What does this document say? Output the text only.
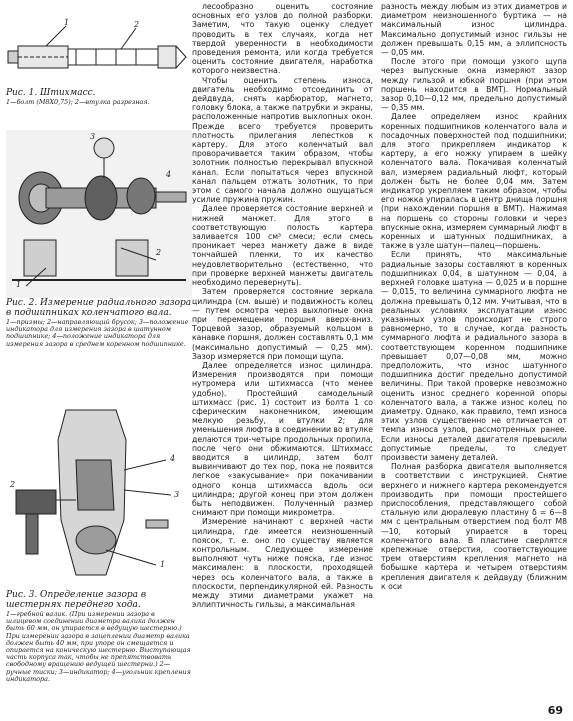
1	2

Рис. 1. Штихмасс.

1—болт (М8Х0,75); 2—втулка разрезная.

1
2
3
4

Рис. 2. Измерение радиального зазора в подшипниках коленчатого вала.

1—призмы; 2—направляющий брусок; 3—положение индикатора для измерения зазора в шатунном подшипнике; 4—положение индикатора для измерения зазора в среднем коренном подшипнике.

4
3
2
1

Рис. 3. Определение зазора в шестернях переднего хода.

1—гребной валик. (При измерении зазора в шлицевом соединении диаметра валика должен быть 60 мм, он упирается в ведущую шестерню.) При измерении зазора в зацеплении диаметр валика должен быть 40 мм, при упоре он смещается и опирается на коническую шестерню. Выступающая часть корпуса так, чтобы не препятствовать свободному вращению ведущей шестерни.) 2—ручные тиски; 3—индикатор; 4—угольник крепления индикатора.

лесообразно оценить состояние основных его узлов до полной разборки. Заметим, что такую оценку следует проводить в тех случаях, когда нет твердой уверенности в необходимости проведения ремонта, или когда требуется оценить состояние двигателя, наработка которого неизвестна.

Чтобы оценить степень износа, двигатель необходимо отсоединить от дейдвуда, снять карбюратор, магнето, головку блока, а также патрубки и экраны, расположенные напротив выхлопных окон. Прежде всего требуется проверить плотность прилегания лепестков к картеру. Для этого коленчатый вал проворачивается таким образом, чтобы золотник полностью перекрывал впускной канал. Если попытаться через впускной канал пальцем отжать золотник, то при этом с самого начала должно ощущаться усилие пружина пружин.

Далее проверяется состояние верхней и нижней манжет. Для этого в соответствующую полость картера заливается 100 см³ смеси; если смесь проникает через манжету даже в виде тончайшей пленки, то их качество неудовлетворительно (естественно, что при проверке верхней манжеты двигатель необходимо перевернуть).

Затем проверяется состояние зеркала цилиндра (см. выше) и подвижность колец — путем осмотра через выхлопные окна при перемещении поршня вверх-вниз. Торцевой зазор, образуемый кольцом в канавке поршня, должен составлять 0,1 мм (максимально допустимый — 0,25 мм). Зазор измеряется при помощи щупа.

Далее определяется износ цилиндра. Измерения производятся при помощи нутромера или штихмасса (что менее удобно). Простейший самодельный штихмасс (рис. 1) состоит из болта 1 со сферическим наконечником, имеющим мелкую резьбу, и втулки 2; для уменьшения люфта в соединении во втулке делаются три-четыре продольных пропила, после чего они обжимаются. Штихмасс вводится в цилиндр, затем болт вывинчивают до тех пор, пока не появится легкое «закусывание» при покачивании одного конца штихмасса вдоль оси цилиндра; другой конец при этом должен быть неподвижен. Полученный размер снимают при помощи микрометра.

Измерение начинают с верхней части цилиндра, где имеется неизношенный поясок, т. е. оно по существу является контрольным. Следующее измерение выполняют чуть ниже пояска, где износ максимален: в плоскости, проходящей через ось коленчатого вала, а также в плоскости, перпендикулярной ей. Разность между этими диаметрами укажет на эллиптичность гильзы, а максимальная

разность между любым из этих диаметров и диаметром неизношенного буртика — на максимальный износ цилиндра. Максимально допустимый износ гильзы не должен превышать 0,15 мм, а эллипсность — 0,05 мм.

После этого при помощи узкого щупа через выпускные окна измеряют зазор между гильзой и юбкой поршня (при этом поршень находится в ВМТ). Нормальный зазор 0,10—0,12 мм, предельно допустимый — 0,35 мм.

Далее определяем износ крайних коренных подшипников коленчатого вала и посадочных поверхностей под подшипники; для этого прикрепляем индикатор к картеру, а его ножку упираем в шейку коленчатого вала. Покачивая коленчатый вал, измеряем радиальный люфт, который должен быть не более 0,04 мм. Затем индикатор укрепляем таким образом, чтобы его ножка упиралась в центр днища поршня (при нахождении поршня в ВМТ). Нажимая на поршень со стороны головки и через впускные окна, измеряем суммарный люфт в коренных и шатунных подшипниках, а также в узле шатун—палец—поршень.

Если принять, что максимальные радиальные зазоры составляют в коренных подшипниках 0,04, в шатунном — 0,04, а верхней головке шатуна — 0,025 и в поршне — 0,015, то величина суммарного люфта не должна превышать 0,12 мм. Учитывая, что в реальных условиях эксплуатации износ указанных узлов происходит не строго равномерно, то в случае, когда разность суммарного люфта и радиального зазора в соответствующем коренном подшипнике превышает 0,07—0,08 мм, можно предположить, что износ шатунного подшипника достиг предельно допустимой величины. При такой проверке невозможно оценить износ среднего коренной опоры коленчатого вала, а также износ колец по диаметру. Однако, как правило, темп износа этих узлов существенно не отличается от темпа износа узлов, рассмотренных ранее. Если износы деталей двигателя превысили допустимые пределы, то следует произвести замену деталей.

Полная разборка двигателя выполняется в соответствии с инструкцией. Снятие верхнего и нижнего картера рекомендуется производить при помощи простейшего приспособления, представляющего собой стальную или дюралевую пластину δ = 6—8 мм с центральным отверстием под болт М8—10, который упирается в торец коленчатого вала. В пластине сверлятся крепежные отверстия, соответствующие трем отверстиям крепления магнето на бобышке картера и четырем отверстиям крепления двигателя к дейдвуду (ближним к оси

69
